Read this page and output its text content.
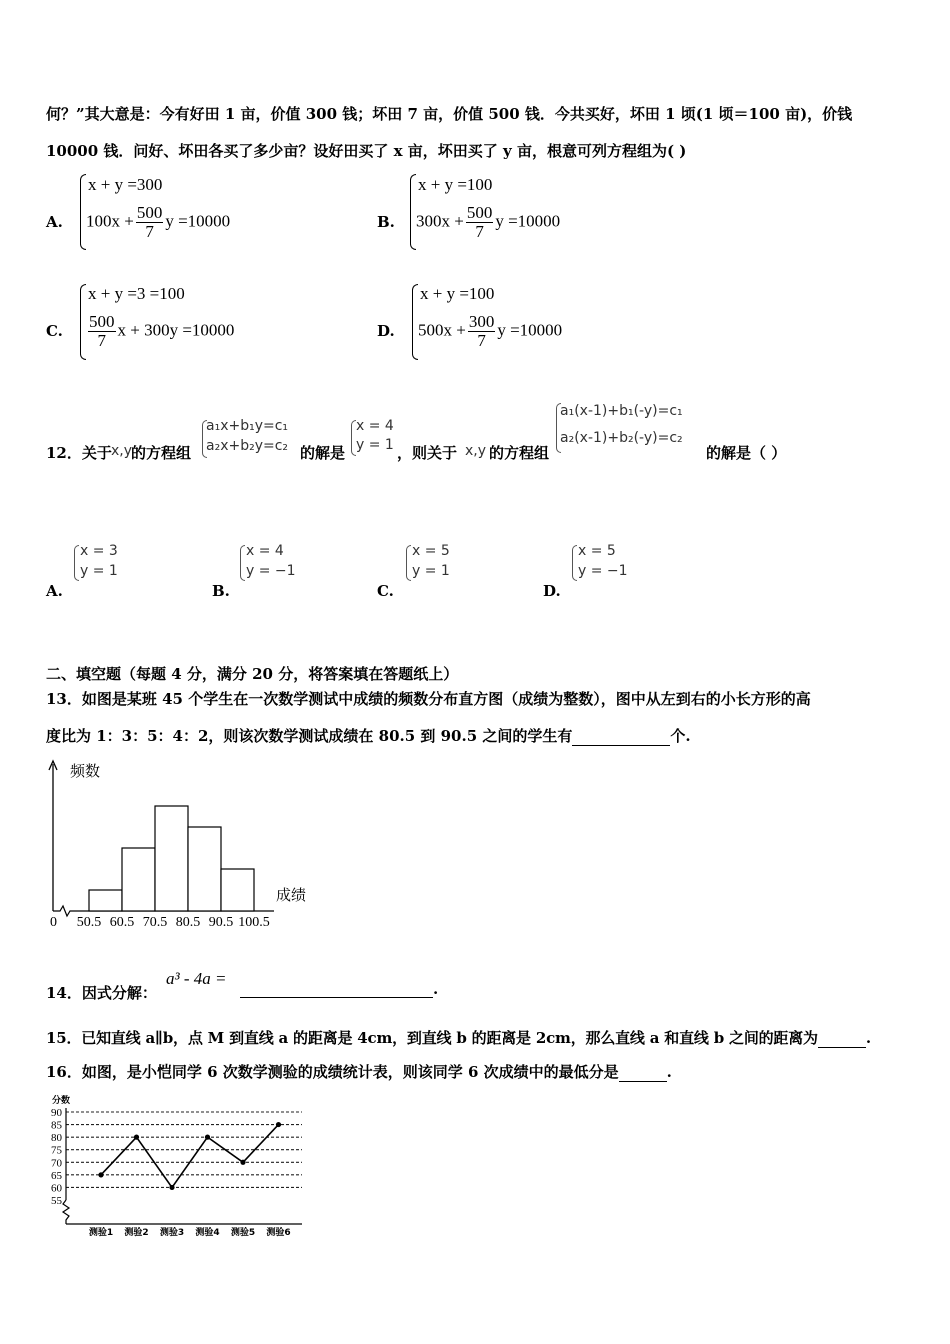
何？”其大意是：今有好田 1 亩，价值 300 钱；坏田 7 亩，价值 500 钱．今共买好，坏田 1 顷(1 顷＝100 亩)，价钱
10000 钱．问好、坏田各买了多少亩？设好田买了 x 亩，坏田买了 y 亩，根意可列方程组为( )
A.
x + y =300
$100x + \frac{500}{7}$ y =10000	B.
x + y =100
$300x + \frac{500}{7}$ y =10000
C.
x + y =3 =100
$\frac{500}{7}$ x + 300y =10000	D.
x + y =100
$500x + \frac{300}{7}$ y =10000
12．关于 x,y
的方程组
a₁x+b₁y=c₁
a₂x+b₂y=c₂ 的解是
x = 4
y = 1 ，则关于 x,y 的方程组
a₁(x-1)+b₁(-y)=c₁
a₂(x-1)+b₂(-y)=c₂
的解是（ ）
A.
x = 3
y = 1
B.
x = 4
y = −1
C.
x = 5
y = 1
D.
x = 5
y = −1
二、填空题（每题 4 分，满分 20 分，将答案填在答题纸上）
13．如图是某班 45 个学生在一次数学测试中成绩的频数分布直方图（成绩为整数），图中从左到右的小长方形的高
度比为 1：3：5：4：2，则该次数学测试成绩在 80.5 到 90.5 之间的学生有	个.
频数
成绩
0 50.5 60.5 70.5 80.5 90.5 100.5
14．因式分解：
a³ - 4a =
.
15．已知直线 a∥b，点 M 到直线 a 的距离是 4cm，到直线 b 的距离是 2cm，那么直线 a 和直线 b 之间的距离为	.
16．如图，是小恺同学 6 次数学测验的成绩统计表，则该同学 6 次成绩中的最低分是	.
分数
55
60
65
70
75
80
85
90
测验1 测验2 测验3 测验4 测验5 测验6
